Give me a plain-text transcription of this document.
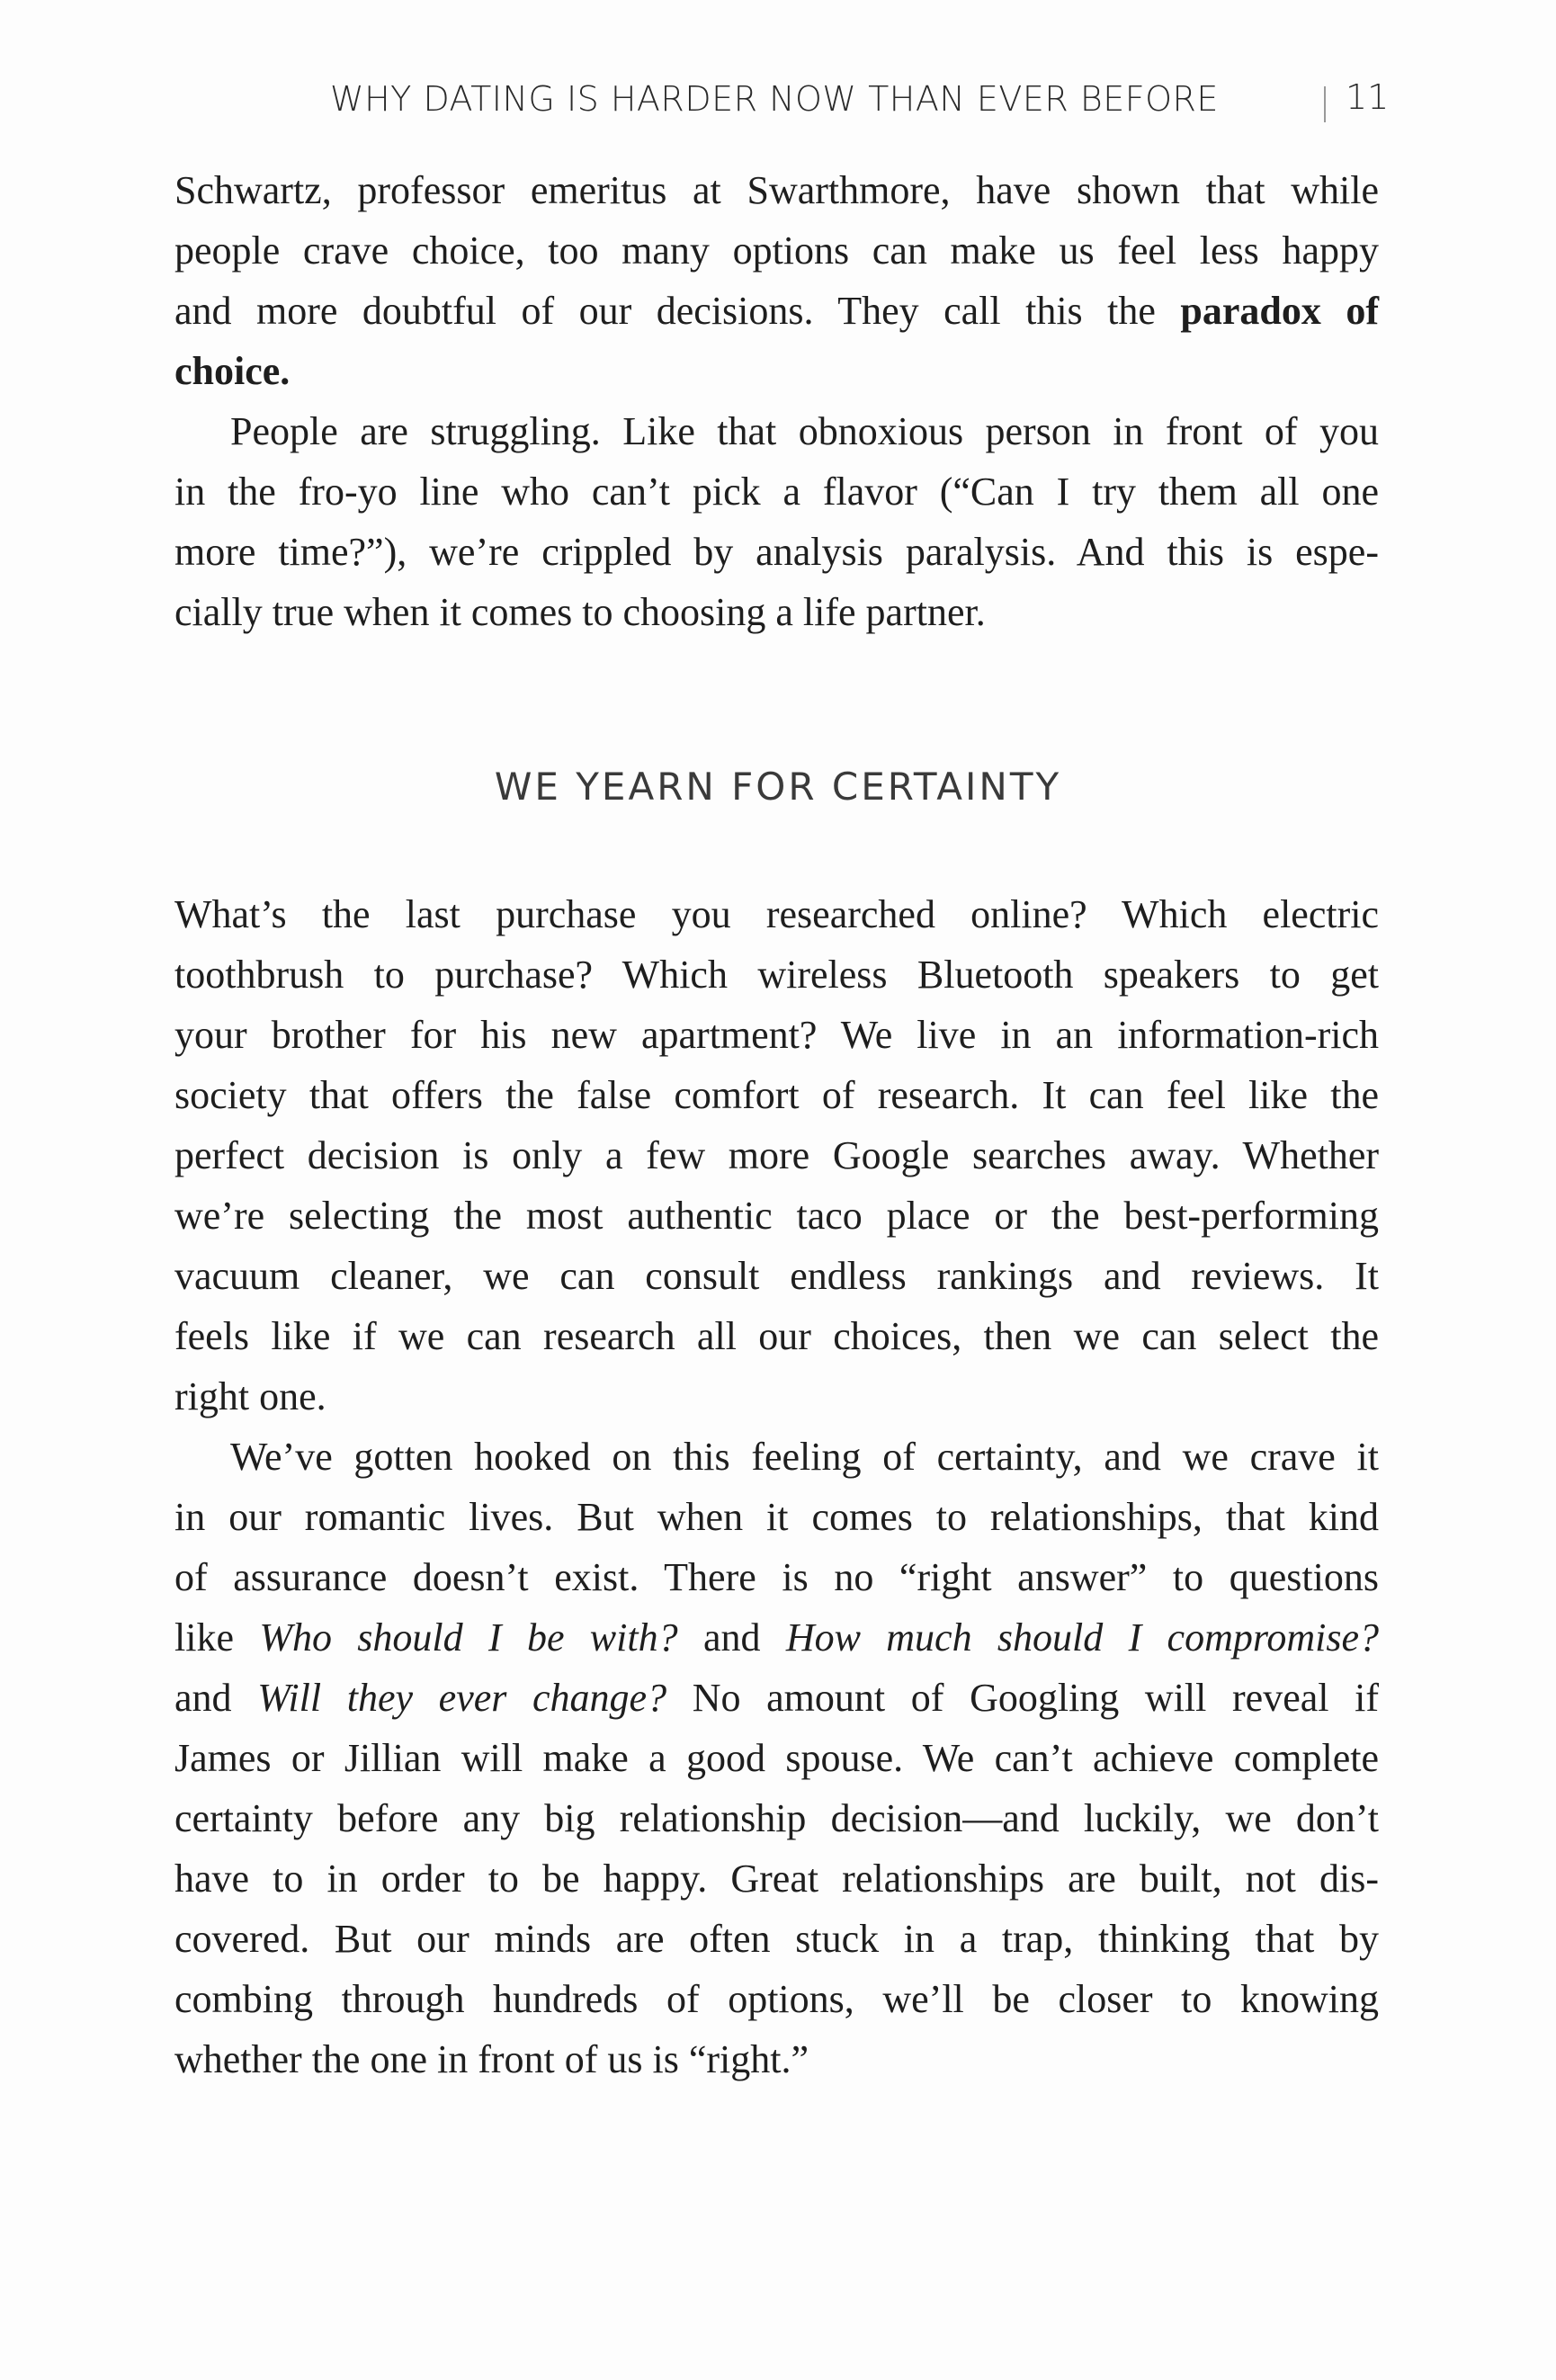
WHY DATING IS HARDER NOW THAN EVER BEFORE	11
Schwartz, professor emeritus at Swarthmore, have shown that while
people crave choice, too many options can make us feel less happy
and more doubtful of our decisions. They call this the paradox of
choice.
People are struggling. Like that obnoxious person in front of you
in the fro-yo line who can’t pick a flavor (“Can I try them all one
more time?”), we’re crippled by analysis paralysis. And this is espe-
cially true when it comes to choosing a life partner.
WE YEARN FOR CERTAINTY
What’s the last purchase you researched online? Which electric
toothbrush to purchase? Which wireless Bluetooth speakers to get
your brother for his new apartment? We live in an information-rich
society that offers the false comfort of research. It can feel like the
perfect decision is only a few more Google searches away. Whether
we’re selecting the most authentic taco place or the best-performing
vacuum cleaner, we can consult endless rankings and reviews. It
feels like if we can research all our choices, then we can select the
right one.
We’ve gotten hooked on this feeling of certainty, and we crave it
in our romantic lives. But when it comes to relationships, that kind
of assurance doesn’t exist. There is no “right answer” to questions
like Who should I be with? and How much should I compromise?
and Will they ever change? No amount of Googling will reveal if
James or Jillian will make a good spouse. We can’t achieve complete
certainty before any big relationship decision—and luckily, we don’t
have to in order to be happy. Great relationships are built, not dis-
covered. But our minds are often stuck in a trap, thinking that by
combing through hundreds of options, we’ll be closer to knowing
whether the one in front of us is “right.”
